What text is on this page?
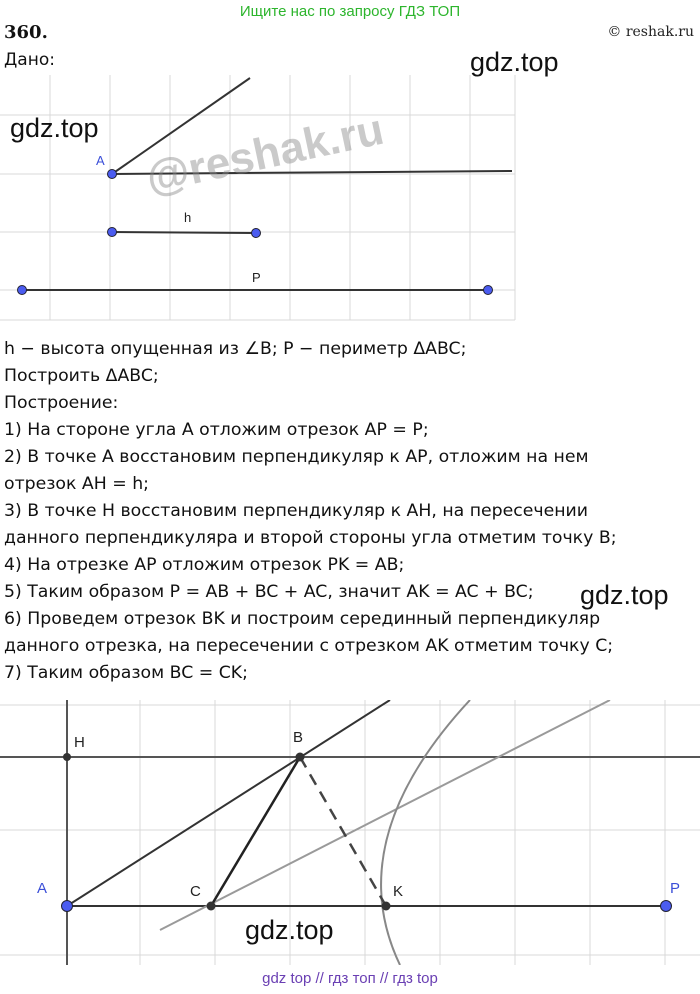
Ищите нас по запросу ГДЗ ТОП
360.	© reshak.ru
Дано:
A
h
P
@reshak.ru
gdz.top
gdz.top
h − высота опущенная из ∠B; P − периметр ΔABC;
Построить ΔABC;
Построение:
1) На стороне угла A отложим отрезок AP = P;
2) В точке A восстановим перпендикуляр к AP, отложим на нем
отрезок AH = h;
3) В точке H восстановим перпендикуляр к AH, на пересечении
данного перпендикуляра и второй стороны угла отметим точку B;
4) На отрезке AP отложим отрезок PK = AB;
5) Таким образом P = AB + BC + AC, значит AK = AC + BC;
6) Проведем отрезок BK и построим серединный перпендикуляр
данного отрезка, на пересечении с отрезком AK отметим точку C;
7) Таким образом BC = CK;
gdz.top
H	B
A	C	K	P
gdz.top
gdz top // гдз топ // гдз top
